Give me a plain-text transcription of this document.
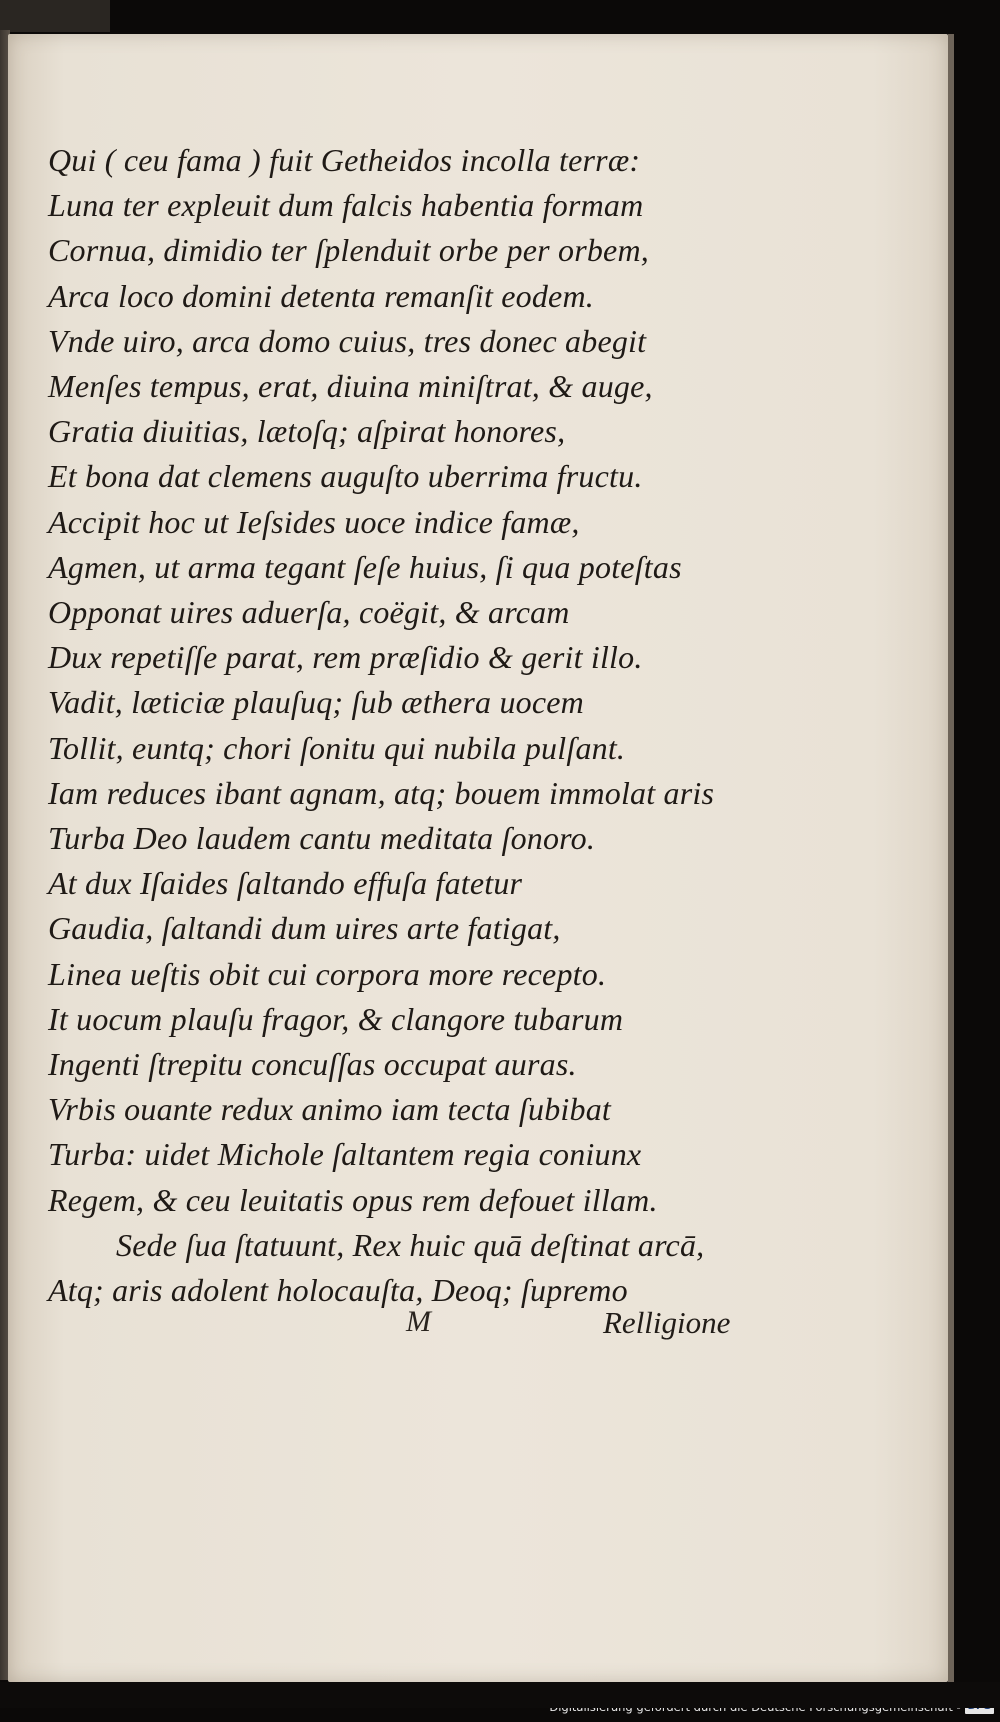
Qui ( ceu fama ) fuit Getheidos incolla terræ:
Luna ter expleuit dum falcis habentia formam
Cornua, dimidio ter ſplenduit orbe per orbem,
Arca loco domini detenta remanſit eodem.
Vnde uiro, arca domo cuius, tres donec abegit
Menſes tempus, erat, diuina miniſtrat, & auge,
Gratia diuitias, lætoſq; aſpirat honores,
Et bona dat clemens auguſto uberrima fructu.
Accipit hoc ut Ieſsides uoce indice famæ,
Agmen, ut arma tegant ſeſe huius, ſi qua poteſtas
Opponat uires aduerſa, coëgit, & arcam
Dux repetiſſe parat, rem præſidio & gerit illo.
Vadit, læticiæ plauſuq; ſub æthera uocem
Tollit, euntq; chori ſonitu qui nubila pulſant.
Iam reduces ibant agnam, atq; bouem immolat aris
Turba Deo laudem cantu meditata ſonoro.
At dux Iſaides ſaltando effuſa fatetur
Gaudia, ſaltandi dum uires arte fatigat,
Linea ueſtis obit cui corpora more recepto.
It uocum plauſu fragor, & clangore tubarum
Ingenti ſtrepitu concuſſas occupat auras.
Vrbis ouante redux animo iam tecta ſubibat
Turba: uidet Michole ſaltantem regia coniunx
Regem, & ceu leuitatis opus rem defouet illam.
Sede ſua ſtatuunt, Rex huic quā deſtinat arcā,
Atq; aris adolent holocauſta, Deoq; ſupremo
M	Relligione
